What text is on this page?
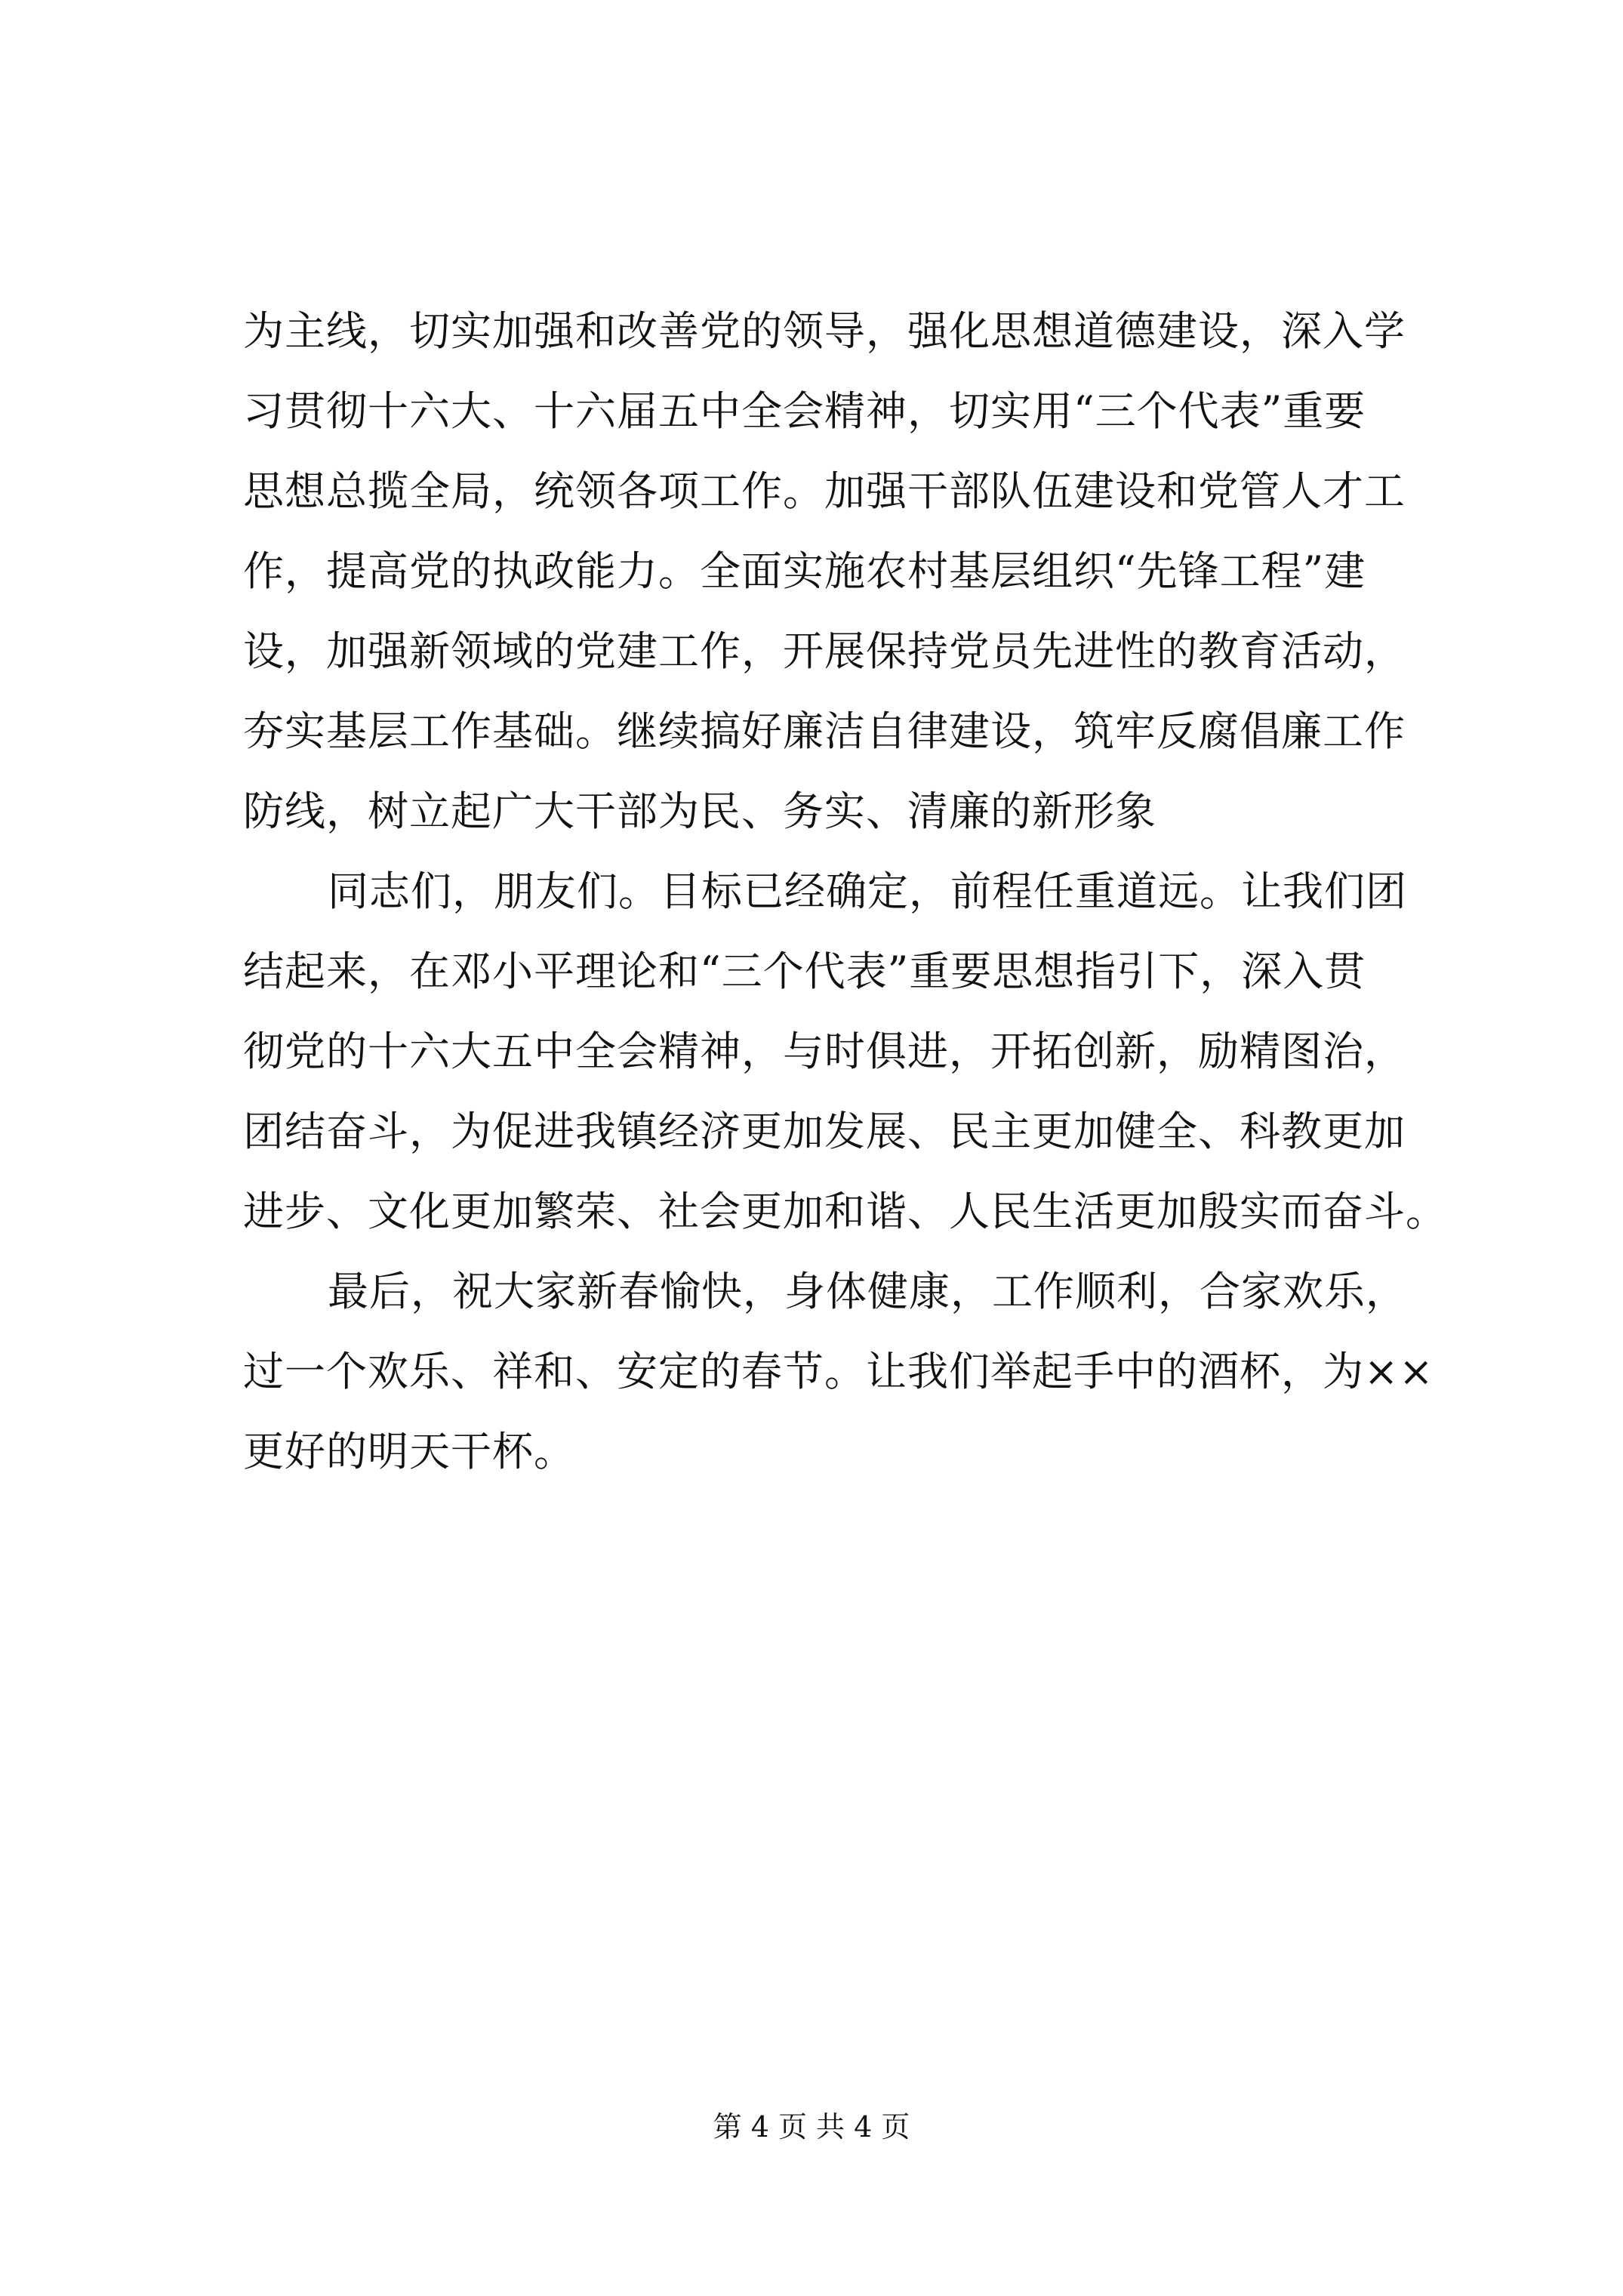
为主线，切实加强和改善党的领导，强化思想道德建设，深入学
习贯彻十六大、十六届五中全会精神，切实用“三个代表”重要
思想总揽全局，统领各项工作。加强干部队伍建设和党管人才工
作，提高党的执政能力。全面实施农村基层组织“先锋工程”建
设，加强新领域的党建工作，开展保持党员先进性的教育活动，
夯实基层工作基础。继续搞好廉洁自律建设，筑牢反腐倡廉工作
防线，树立起广大干部为民、务实、清廉的新形象
同志们，朋友们。目标已经确定，前程任重道远。让我们团
结起来，在邓小平理论和“三个代表”重要思想指引下，深入贯
彻党的十六大五中全会精神，与时俱进，开拓创新，励精图治，
团结奋斗，为促进我镇经济更加发展、民主更加健全、科教更加
进步、文化更加繁荣、社会更加和谐、人民生活更加殷实而奋斗。
最后，祝大家新春愉快，身体健康，工作顺利，合家欢乐，
过一个欢乐、祥和、安定的春节。让我们举起手中的酒杯，为××
更好的明天干杯。
第 4 页 共 4 页
